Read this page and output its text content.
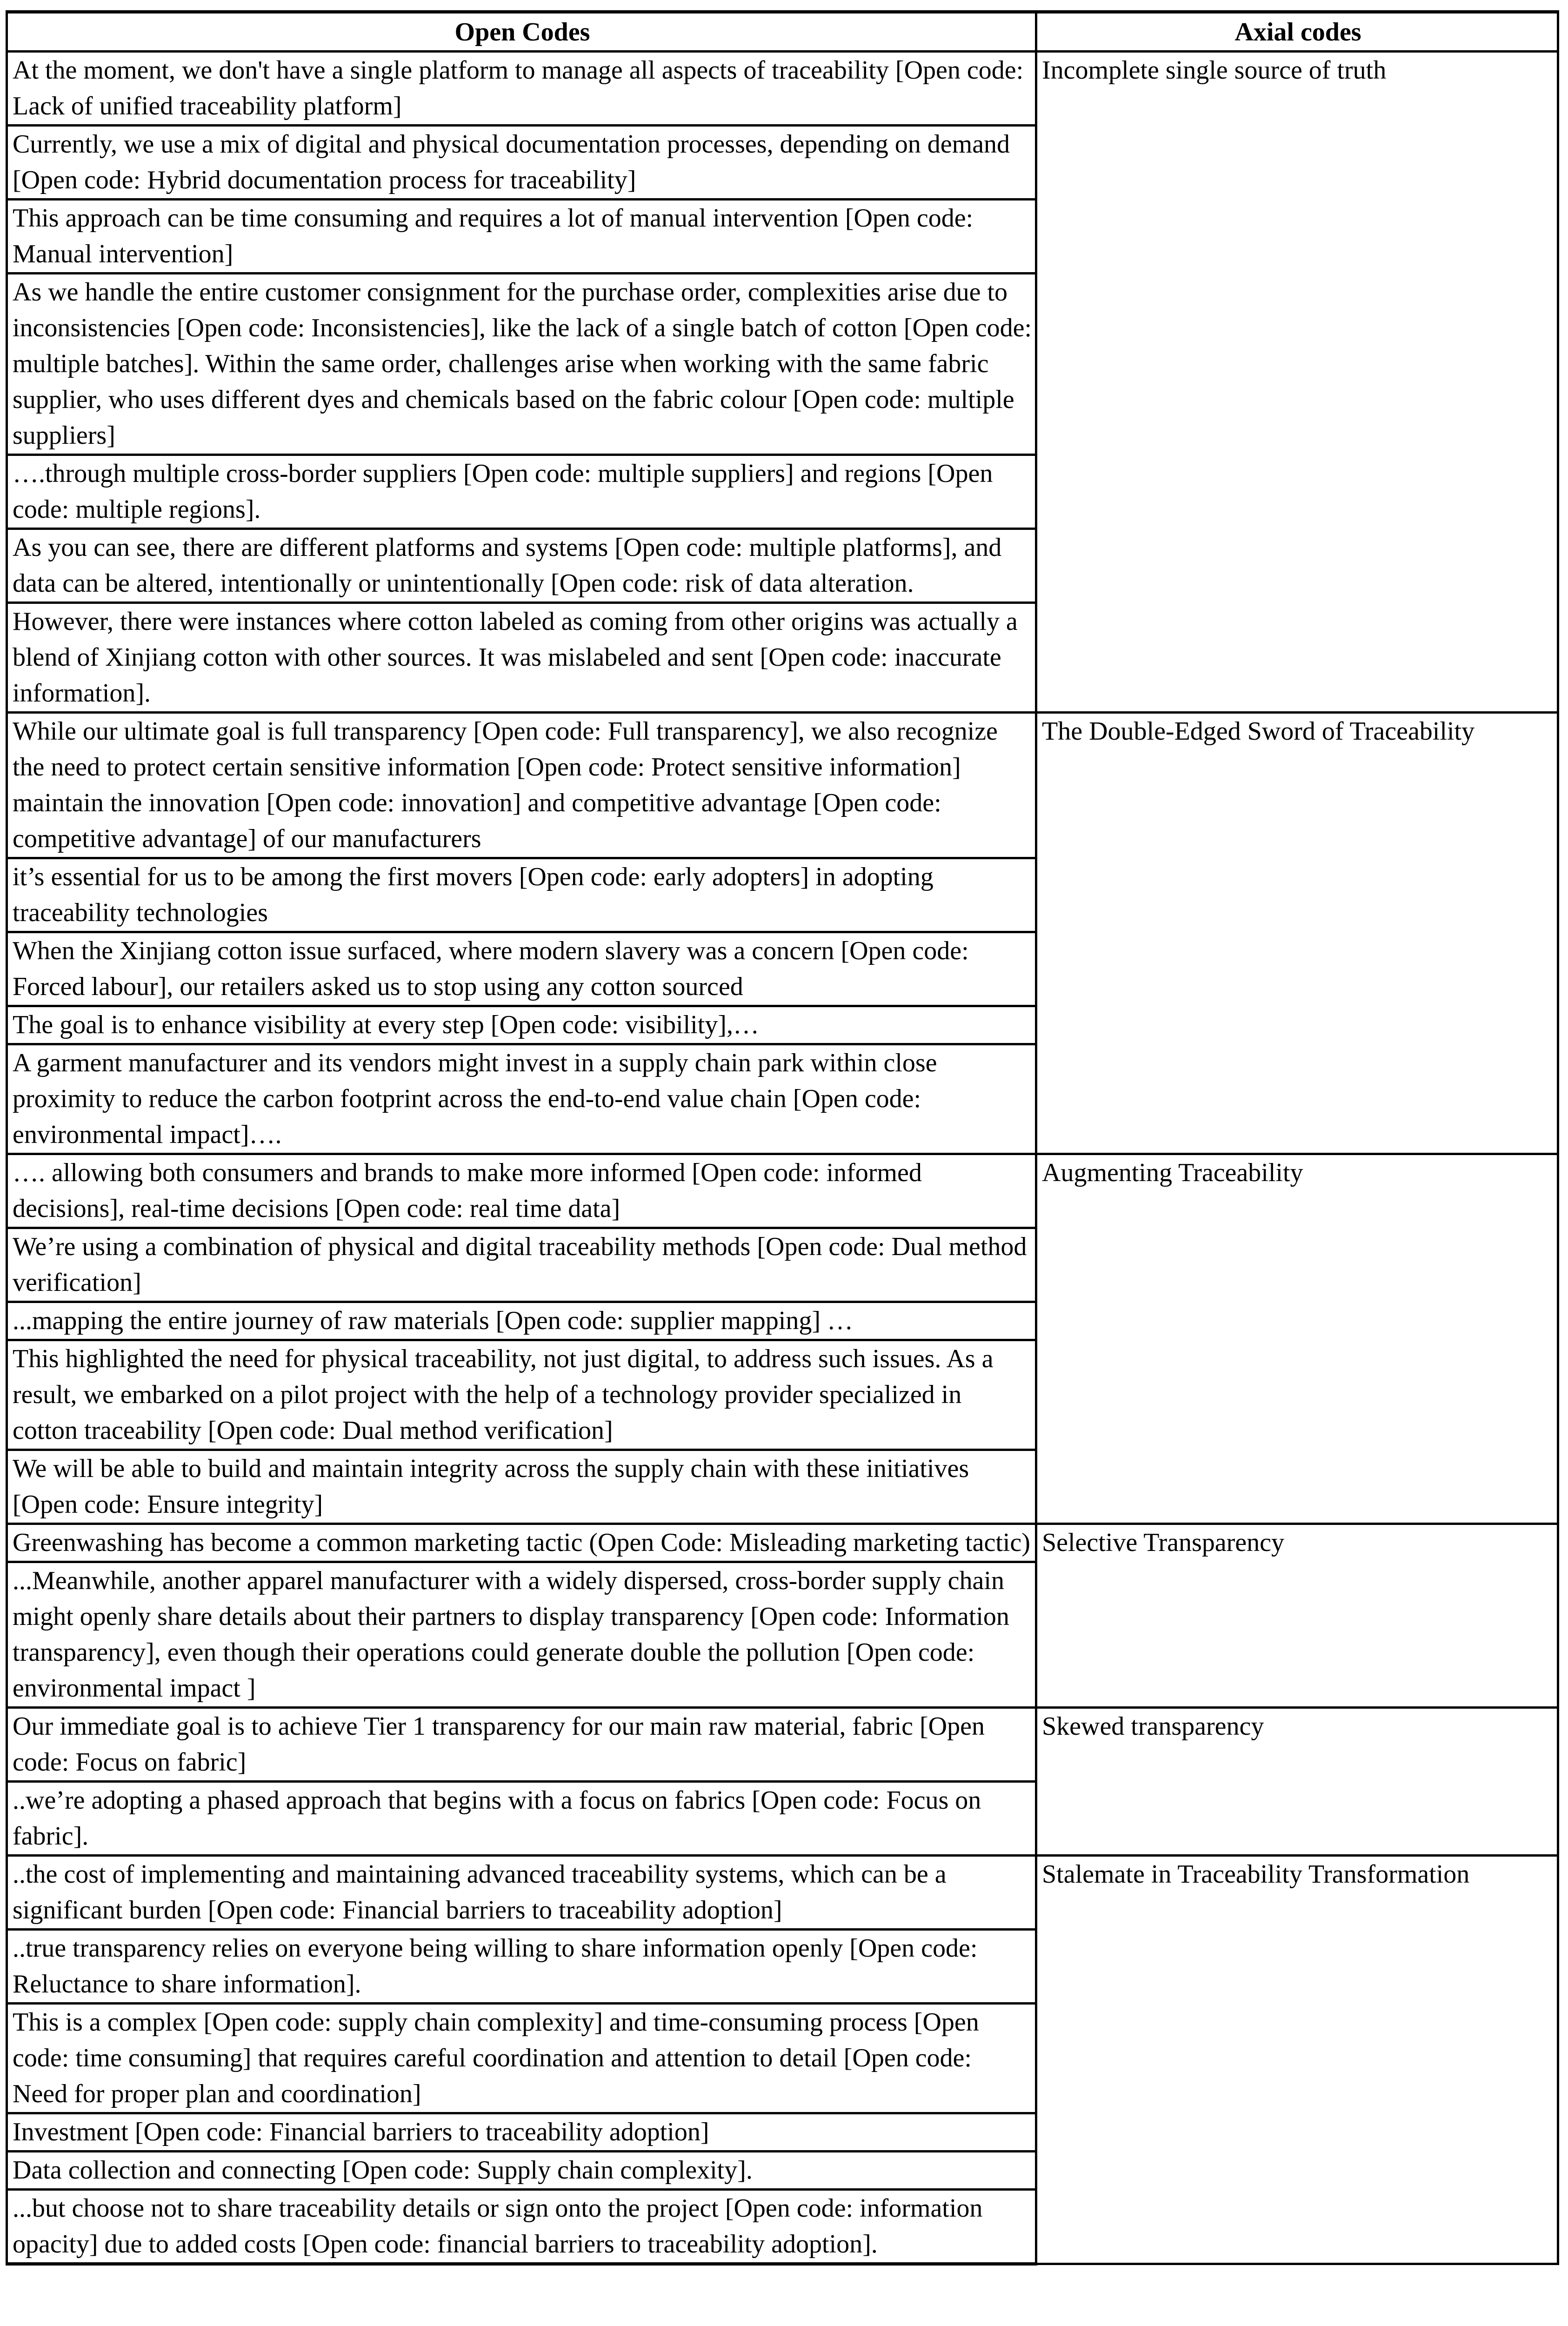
Open Codes	Axial codes
At the moment, we don't have a single platform to manage all aspects of traceability [Open code: Lack of unified traceability platform]	Incomplete single source of truth
Currently, we use a mix of digital and physical documentation processes, depending on demand [Open code: Hybrid documentation process for traceability]	
This approach can be time consuming and requires a lot of manual intervention [Open code: Manual intervention]	
As we handle the entire customer consignment for the purchase order, complexities arise due to inconsistencies [Open code: Inconsistencies], like the lack of a single batch of cotton [Open code: multiple batches]. Within the same order, challenges arise when working with the same fabric supplier, who uses different dyes and chemicals based on the fabric colour [Open code: multiple suppliers]	
….through multiple cross-border suppliers [Open code: multiple suppliers] and regions [Open code: multiple regions].	
As you can see, there are different platforms and systems [Open code: multiple platforms], and data can be altered, intentionally or unintentionally [Open code: risk of data alteration.	
However, there were instances where cotton labeled as coming from other origins was actually a blend of Xinjiang cotton with other sources. It was mislabeled and sent [Open code: inaccurate information].	
While our ultimate goal is full transparency [Open code: Full transparency], we also recognize the need to protect certain sensitive information [Open code: Protect sensitive information] maintain the innovation [Open code: innovation] and competitive advantage [Open code: competitive advantage] of our manufacturers	The Double-Edged Sword of Traceability
it’s essential for us to be among the first movers [Open code: early adopters] in adopting traceability technologies	
When the Xinjiang cotton issue surfaced, where modern slavery was a concern [Open code: Forced labour], our retailers asked us to stop using any cotton sourced	
The goal is to enhance visibility at every step [Open code: visibility],…	
A garment manufacturer and its vendors might invest in a supply chain park within close proximity to reduce the carbon footprint across the end-to-end value chain [Open code: environmental impact]….	
…. allowing both consumers and brands to make more informed [Open code: informed decisions], real-time decisions [Open code: real time data]	Augmenting Traceability
We’re using a combination of physical and digital traceability methods [Open code: Dual method verification]	
...mapping the entire journey of raw materials [Open code: supplier mapping] …	
This highlighted the need for physical traceability, not just digital, to address such issues. As a result, we embarked on a pilot project with the help of a technology provider specialized in cotton traceability [Open code: Dual method verification]	
We will be able to build and maintain integrity across the supply chain with these initiatives [Open code: Ensure integrity]	
Greenwashing has become a common marketing tactic (Open Code: Misleading marketing tactic)	Selective Transparency
...Meanwhile, another apparel manufacturer with a widely dispersed, cross-border supply chain might openly share details about their partners to display transparency [Open code: Information transparency], even though their operations could generate double the pollution [Open code: environmental impact ]	
Our immediate goal is to achieve Tier 1 transparency for our main raw material, fabric [Open code: Focus on fabric]	Skewed transparency
..we’re adopting a phased approach that begins with a focus on fabrics [Open code: Focus on fabric].	
..the cost of implementing and maintaining advanced traceability systems, which can be a significant burden [Open code: Financial barriers to traceability adoption]	Stalemate in Traceability Transformation
..true transparency relies on everyone being willing to share information openly [Open code: Reluctance to share information].	
This is a complex [Open code: supply chain complexity] and time-consuming process [Open code: time consuming] that requires careful coordination and attention to detail [Open code: Need for proper plan and coordination]	
Investment [Open code: Financial barriers to traceability adoption]	
Data collection and connecting [Open code: Supply chain complexity].	
...but choose not to share traceability details or sign onto the project [Open code: information opacity] due to added costs [Open code: financial barriers to traceability adoption].	
